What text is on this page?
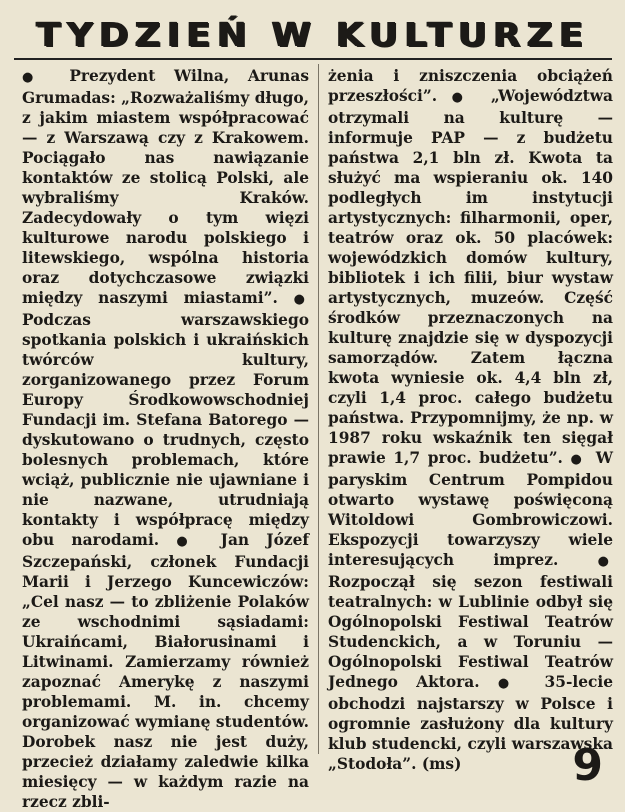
TYDZIEŃ W KULTURZE

● Prezydent Wilna, Arunas Grumadas: „Rozważaliśmy długo, z jakim miastem współpracować — z Warszawą czy z Krakowem. Pociągało nas nawiązanie kontaktów ze stolicą Polski, ale wybraliśmy Kraków. Zadecydowały o tym więzi kulturowe narodu polskiego i litewskiego, wspólna historia oraz dotychczasowe związki między naszymi miastami”. ● Podczas warszawskiego spotkania polskich i ukraińskich twórców kultury, zorganizowanego przez Forum Europy Środkowowschodniej Fundacji im. Stefana Batorego — dyskutowano o trudnych, często bolesnych problemach, które wciąż, publicznie nie ujawniane i nie nazwane, utrudniają kontakty i współpracę między obu narodami. ● Jan Józef Szczepański, członek Fundacji Marii i Jerzego Kuncewiczów: „Cel nasz — to zbliżenie Polaków ze wschodnimi sąsiadami: Ukraińcami, Białorusinami i Litwinami. Zamierzamy również zapoznać Amerykę z naszymi problemami. M. in. chcemy organizować wymianę studentów. Dorobek nasz nie jest duży, przecież działamy zaledwie kilka miesięcy — w każdym razie na rzecz zbli-

żenia i zniszczenia obciążeń przeszłości”. ● „Województwa otrzymali na kulturę — informuje PAP — z budżetu państwa 2,1 bln zł. Kwota ta służyć ma wspieraniu ok. 140 podległych im instytucji artystycznych: filharmonii, oper, teatrów oraz ok. 50 placówek: wojewódzkich domów kultury, bibliotek i ich filii, biur wystaw artystycznych, muzeów. Część środków przeznaczonych na kulturę znajdzie się w dyspozycji samorządów. Zatem łączna kwota wyniesie ok. 4,4 bln zł, czyli 1,4 proc. całego budżetu państwa. Przypomnijmy, że np. w 1987 roku wskaźnik ten sięgał prawie 1,7 proc. budżetu”. ● W paryskim Centrum Pompidou otwarto wystawę poświęconą Witoldowi Gombrowiczowi. Ekspozycji towarzyszy wiele interesujących imprez. ● Rozpoczął się sezon festiwali teatralnych: w Lublinie odbył się Ogólnopolski Festiwal Teatrów Studenckich, a w Toruniu — Ogólnopolski Festiwal Teatrów Jednego Aktora. ● 35-lecie obchodzi najstarszy w Polsce i ogromnie zasłużony dla kultury klub studencki, czyli warszawska „Stodoła”. (ms)	9
